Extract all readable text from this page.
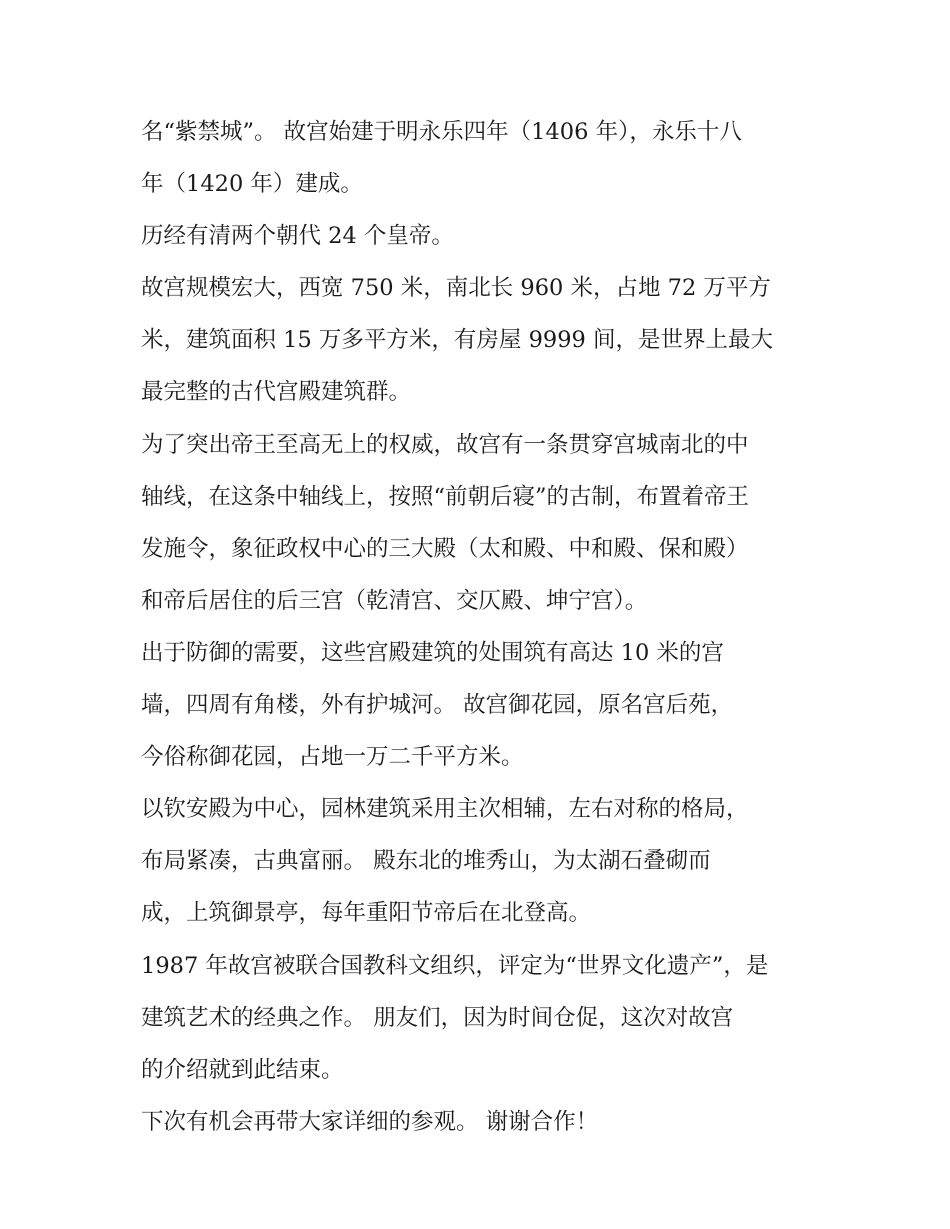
名“紫禁城”。 故宫始建于明永乐四年（1406 年），永乐十八
年（1420 年）建成。

历经有清两个朝代 24 个皇帝。

故宫规模宏大，西宽 750 米，南北长 960 米，占地 72 万平方
米，建筑面积 15 万多平方米，有房屋 9999 间，是世界上最大
最完整的古代宫殿建筑群。

为了突出帝王至高无上的权威，故宫有一条贯穿宫城南北的中
轴线，在这条中轴线上，按照“前朝后寝”的古制，布置着帝王
发施令，象征政权中心的三大殿（太和殿、中和殿、保和殿）
和帝后居住的后三宫（乾清宫、交仄殿、坤宁宫）。

出于防御的需要，这些宫殿建筑的处围筑有高达 10 米的宫
墙，四周有角楼，外有护城河。 故宫御花园，原名宫后苑，
今俗称御花园，占地一万二千平方米。

以钦安殿为中心，园林建筑采用主次相辅，左右对称的格局，
布局紧凑，古典富丽。 殿东北的堆秀山，为太湖石叠砌而
成，上筑御景亭，每年重阳节帝后在北登高。

1987 年故宫被联合国教科文组织，评定为“世界文化遗产”，是
建筑艺术的经典之作。 朋友们，因为时间仓促，这次对故宫
的介绍就到此结束。

下次有机会再带大家详细的参观。 谢谢合作！
